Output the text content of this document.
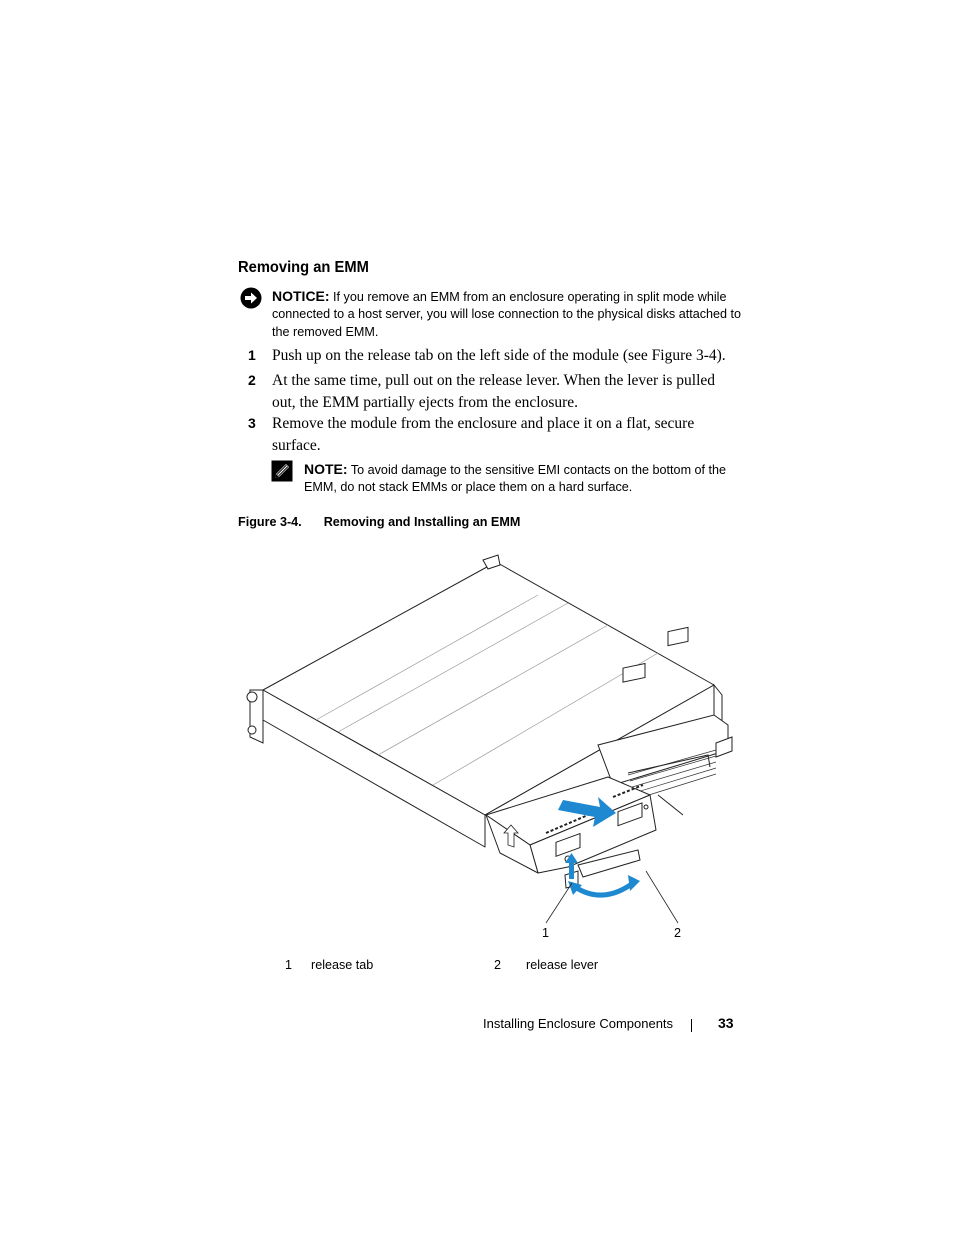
Removing an EMM
NOTICE: If you remove an EMM from an enclosure operating in split mode while connected to a host server, you will lose connection to the physical disks attached to the removed EMM.
1 Push up on the release tab on the left side of the module (see Figure 3-4).
2 At the same time, pull out on the release lever. When the lever is pulled out, the EMM partially ejects from the enclosure.
3 Remove the module from the enclosure and place it on a flat, secure surface.
NOTE: To avoid damage to the sensitive EMI contacts on the bottom of the EMM, do not stack EMMs or place them on a hard surface.
Figure 3-4. Removing and Installing an EMM
1	2
1 release tab	2 release lever
Installing Enclosure Components	33
